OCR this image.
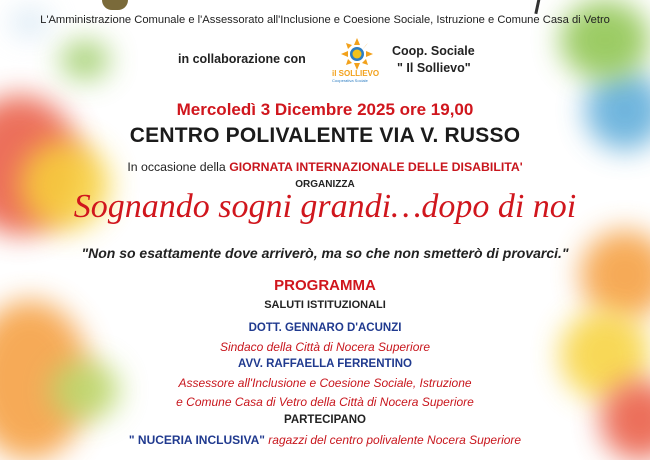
L'Amministrazione Comunale e l'Assessorato all'Inclusione e Coesione Sociale, Istruzione e Comune Casa di Vetro
in collaborazione con
il SOLLIEVO
Cooperativa Sociale
Coop. Sociale
" Il Sollievo"
Mercoledì 3 Dicembre 2025 ore 19,00
CENTRO POLIVALENTE VIA V. RUSSO
In occasione della GIORNATA INTERNAZIONALE DELLE DISABILITA'
ORGANIZZA
Sognando sogni grandi…dopo di noi
"Non so esattamente dove arriverò, ma so che non smetterò di provarci."
PROGRAMMA
SALUTI ISTITUZIONALI
DOTT. GENNARO D'ACUNZI
Sindaco della Città di Nocera Superiore
AVV. RAFFAELLA FERRENTINO
Assessore all'Inclusione e Coesione Sociale, Istruzione
e Comune Casa di Vetro della Città di Nocera Superiore
PARTECIPANO
" NUCERIA INCLUSIVA" ragazzi del centro polivalente Nocera Superiore
